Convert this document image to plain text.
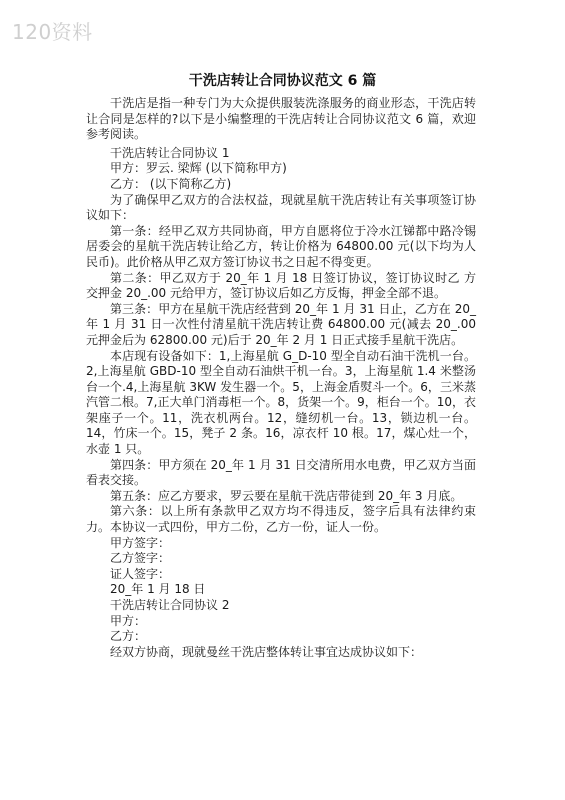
120资料
干洗店转让合同协议范文 6 篇

干洗店是指一种专门为大众提供服装洗涤服务的商业形态，干洗店转让合同是怎样的?以下是小编整理的干洗店转让合同协议范文 6 篇，欢迎参考阅读。

干洗店转让合同协议 1

甲方：罗云. 梁辉 (以下简称甲方)

乙方： (以下简称乙方)

为了确保甲乙双方的合法权益，现就星航干洗店转让有关事项签订协议如下：

第一条：经甲乙双方共同协商，甲方自愿将位于冷水江锑都中路冷锡居委会的星航干洗店转让给乙方，转让价格为 64800.00 元(以下均为人民币)。此价格从甲乙双方签订协议书之日起不得变更。

第二条：甲乙双方于 20_年 1 月 18 日签订协议，签订协议时乙 方交押金 20_.00 元给甲方，签订协议后如乙方反悔，押金全部不退。

第三条：甲方在星航干洗店经营到 20_年 1 月 31 日止，乙方在 20_年 1 月 31 日一次性付清星航干洗店转让费 64800.00 元(减去 20_.00 元押金后为 62800.00 元)后于 20_年 2 月 1 日正式接手星航干洗店。

本店现有设备如下：1,上海星航 G_D-10 型全自动石油干洗机一台。2,上海星航 GBD-10 型全自动石油烘干机一台。3，上海星航 1.4 米整汤台一个.4,上海星航 3KW 发生器一个。5，上海金盾熨斗一个。6，三米蒸汽管二根。7,正大单门消毒柜一个。8，货架一个。9，柜台一个。10，衣架座子一个。11，洗衣机两台。12，缝纫机一台。13，锁边机一台。14，竹床一个。15，凳子 2 条。16，凉衣杆 10 根。17，煤心灶一个，水壶 1 只。

第四条：甲方须在 20_年 1 月 31 日交清所用水电费，甲乙双方当面看表交接。

第五条：应乙方要求，罗云要在星航干洗店带徒到 20_年 3 月底。

第六条：以上所有条款甲乙双方均不得违反，签字后具有法律约束力。本协议一式四份，甲方二份，乙方一份，证人一份。

甲方签字：

乙方签字：

证人签字：

20_年 1 月 18 日

干洗店转让合同协议 2

甲方：

乙方：

经双方协商，现就曼丝干洗店整体转让事宜达成协议如下：
